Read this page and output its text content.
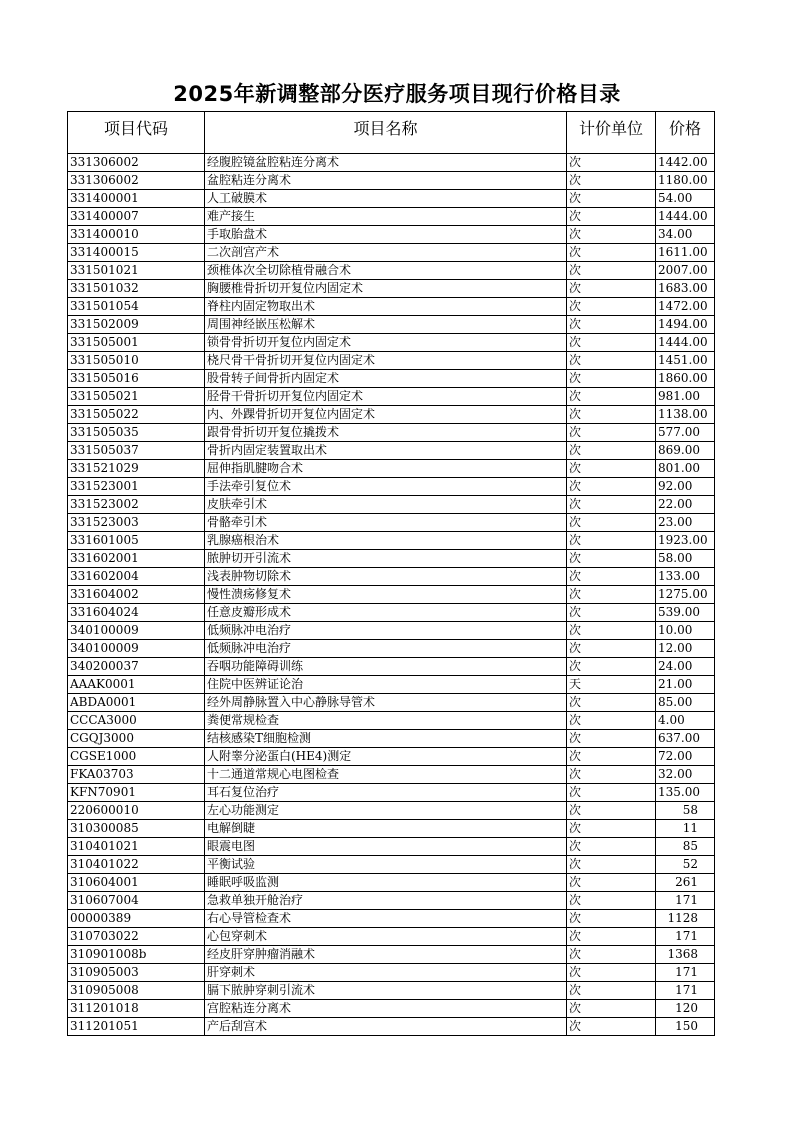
2025年新调整部分医疗服务项目现行价格目录
项目代码	项目名称	计价单位	价格
331306002	经腹腔镜盆腔粘连分离术	次	1442.00
331306002	盆腔粘连分离术	次	1180.00
331400001	人工破膜术	次	54.00
331400007	难产接生	次	1444.00
331400010	手取胎盘术	次	34.00
331400015	二次剖宫产术	次	1611.00
331501021	颈椎体次全切除植骨融合术	次	2007.00
331501032	胸腰椎骨折切开复位内固定术	次	1683.00
331501054	脊柱内固定物取出术	次	1472.00
331502009	周围神经嵌压松解术	次	1494.00
331505001	锁骨骨折切开复位内固定术	次	1444.00
331505010	桡尺骨干骨折切开复位内固定术	次	1451.00
331505016	股骨转子间骨折内固定术	次	1860.00
331505021	胫骨干骨折切开复位内固定术	次	981.00
331505022	内、外踝骨折切开复位内固定术	次	1138.00
331505035	跟骨骨折切开复位撬拨术	次	577.00
331505037	骨折内固定装置取出术	次	869.00
331521029	屈伸指肌腱吻合术	次	801.00
331523001	手法牵引复位术	次	92.00
331523002	皮肤牵引术	次	22.00
331523003	骨骼牵引术	次	23.00
331601005	乳腺癌根治术	次	1923.00
331602001	脓肿切开引流术	次	58.00
331602004	浅表肿物切除术	次	133.00
331604002	慢性溃疡修复术	次	1275.00
331604024	任意皮瓣形成术	次	539.00
340100009	低频脉冲电治疗	次	10.00
340100009	低频脉冲电治疗	次	12.00
340200037	吞咽功能障碍训练	次	24.00
AAAK0001	住院中医辨证论治	天	21.00
ABDA0001	经外周静脉置入中心静脉导管术	次	85.00
CCCA3000	粪便常规检查	次	4.00
CGQJ3000	结核感染T细胞检测	次	637.00
CGSE1000	人附睾分泌蛋白(HE4)测定	次	72.00
FKA03703	十二通道常规心电图检查	次	32.00
KFN70901	耳石复位治疗	次	135.00
220600010	左心功能测定	次	58
310300085	电解倒睫	次	11
310401021	眼震电图	次	85
310401022	平衡试验	次	52
310604001	睡眠呼吸监测	次	261
310607004	急救单独开舱治疗	次	171
00000389	右心导管检查术	次	1128
310703022	心包穿刺术	次	171
310901008b	经皮肝穿肿瘤消融术	次	1368
310905003	肝穿刺术	次	171
310905008	膈下脓肿穿刺引流术	次	171
311201018	宫腔粘连分离术	次	120
311201051	产后刮宫术	次	150
